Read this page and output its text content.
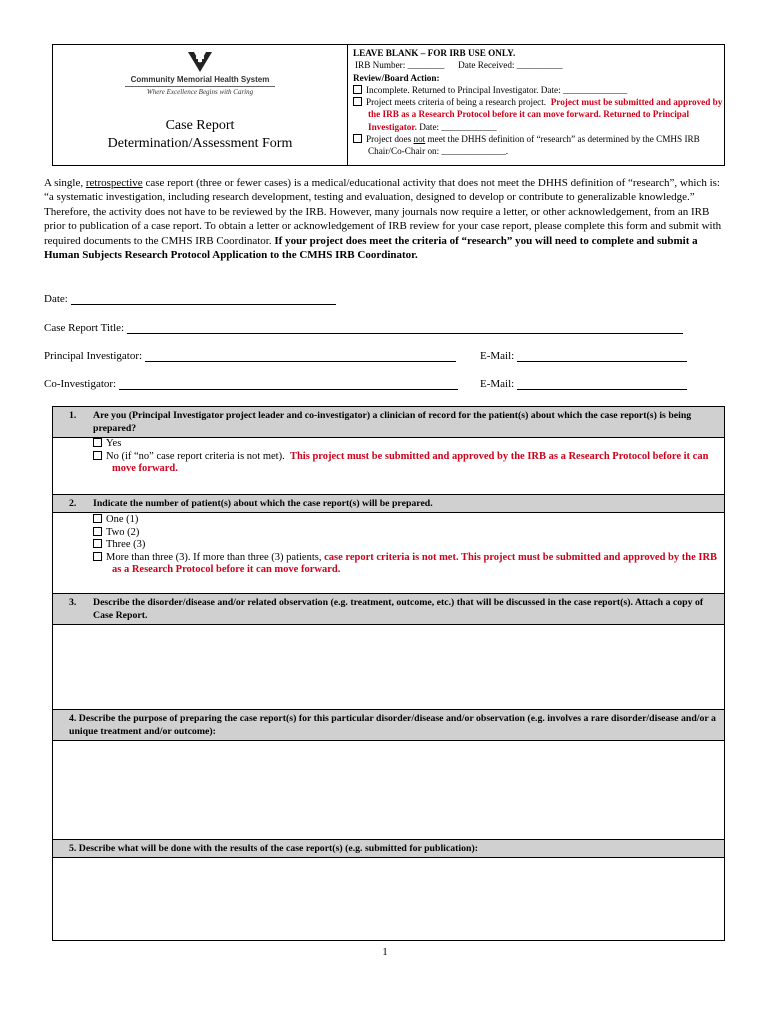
Community Memorial Health System
Where Excellence Begins with Caring
Case Report
Determination/Assessment Form
LEAVE BLANK – FOR IRB USE ONLY.
IRB Number: ________ Date Received: __________
Review/Board Action:
Incomplete. Returned to Principal Investigator. Date: ______________
Project meets criteria of being a research project. Project must be submitted and approved by the IRB as a Research Protocol before it can move forward. Returned to Principal Investigator. Date: ____________
Project does not meet the DHHS definition of “research” as determined by the CMHS IRB Chair/Co-Chair on: ______________.
A single, retrospective case report (three or fewer cases) is a medical/educational activity that does not meet the DHHS definition of “research”, which is: “a systematic investigation, including research development, testing and evaluation, designed to develop or contribute to generalizable knowledge.” Therefore, the activity does not have to be reviewed by the IRB. However, many journals now require a letter, or other acknowledgement, from an IRB prior to publication of a case report. To obtain a letter or acknowledgement of IRB review for your case report, please complete this form and submit with required documents to the CMHS IRB Coordinator. If your project does meet the criteria of “research” you will need to complete and submit a Human Subjects Research Protocol Application to the CMHS IRB Coordinator.
Date:
Case Report Title:
Principal Investigator:	E-Mail:
Co-Investigator:	E-Mail:
1. Are you (Principal Investigator project leader and co-investigator) a clinician of record for the patient(s) about which the case report(s) is being prepared?
Yes
No (if “no” case report criteria is not met). This project must be submitted and approved by the IRB as a Research Protocol before it can move forward.
2. Indicate the number of patient(s) about which the case report(s) will be prepared.
One (1)
Two (2)
Three (3)
More than three (3). If more than three (3) patients, case report criteria is not met. This project must be submitted and approved by the IRB as a Research Protocol before it can move forward.
3. Describe the disorder/disease and/or related observation (e.g. treatment, outcome, etc.) that will be discussed in the case report(s). Attach a copy of Case Report.
4. Describe the purpose of preparing the case report(s) for this particular disorder/disease and/or observation (e.g. involves a rare disorder/disease and/or a unique treatment and/or outcome):
5. Describe what will be done with the results of the case report(s) (e.g. submitted for publication):
1
